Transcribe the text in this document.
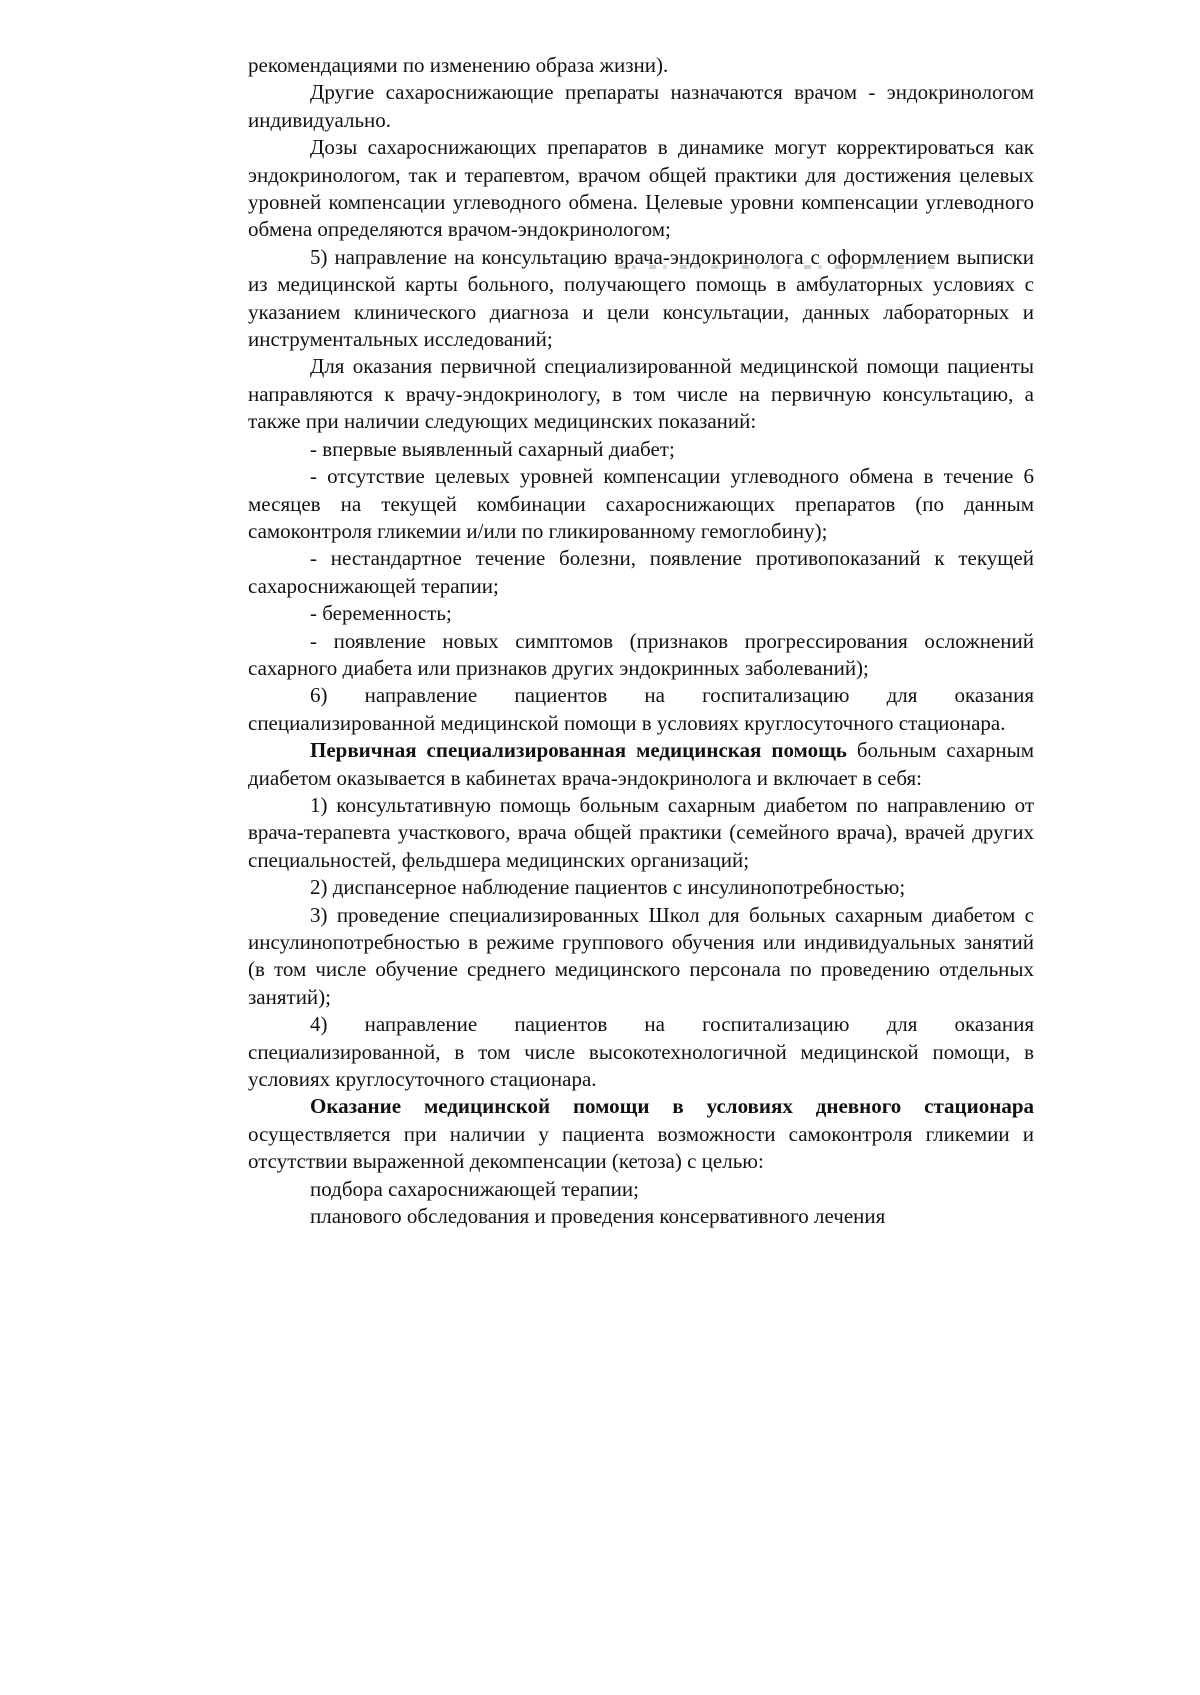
рекомендациями по изменению образа жизни).

Другие сахароснижающие препараты назначаются врачом - эндокринологом индивидуально.

Дозы сахароснижающих препаратов в динамике могут корректироваться как эндокринологом, так и терапевтом, врачом общей практики для достижения целевых уровней компенсации углеводного обмена. Целевые уровни компенсации углеводного обмена определяются врачом-эндокринологом;

5) направление на консультацию врача-эндокринолога с оформлением выписки из медицинской карты больного, получающего помощь в амбулаторных условиях с указанием клинического диагноза и цели консультации, данных лабораторных и инструментальных исследований;

Для оказания первичной специализированной медицинской помощи пациенты направляются к врачу-эндокринологу, в том числе на первичную консультацию, а также при наличии следующих медицинских показаний:

- впервые выявленный сахарный диабет;

- отсутствие целевых уровней компенсации углеводного обмена в течение 6 месяцев на текущей комбинации сахароснижающих препаратов (по данным самоконтроля гликемии и/или по гликированному гемоглобину);

- нестандартное течение болезни, появление противопоказаний к текущей сахароснижающей терапии;

- беременность;

- появление новых симптомов (признаков прогрессирования осложнений сахарного диабета или признаков других эндокринных заболеваний);

6) направление пациентов на госпитализацию для оказания специализированной медицинской помощи в условиях круглосуточного стационара.

Первичная специализированная медицинская помощь больным сахарным диабетом оказывается в кабинетах врача-эндокринолога и включает в себя:

1) консультативную помощь больным сахарным диабетом по направлению от врача-терапевта участкового, врача общей практики (семейного врача), врачей других специальностей, фельдшера медицинских организаций;

2) диспансерное наблюдение пациентов с инсулинопотребностью;

3) проведение специализированных Школ для больных сахарным диабетом с инсулинопотребностью в режиме группового обучения или индивидуальных занятий (в том числе обучение среднего медицинского персонала по проведению отдельных занятий);

4) направление пациентов на госпитализацию для оказания специализированной, в том числе высокотехнологичной медицинской помощи, в условиях круглосуточного стационара.

Оказание медицинской помощи в условиях дневного стационара осуществляется при наличии у пациента возможности самоконтроля гликемии и отсутствии выраженной декомпенсации (кетоза) с целью:

подбора сахароснижающей терапии;

планового обследования и проведения консервативного лечения
